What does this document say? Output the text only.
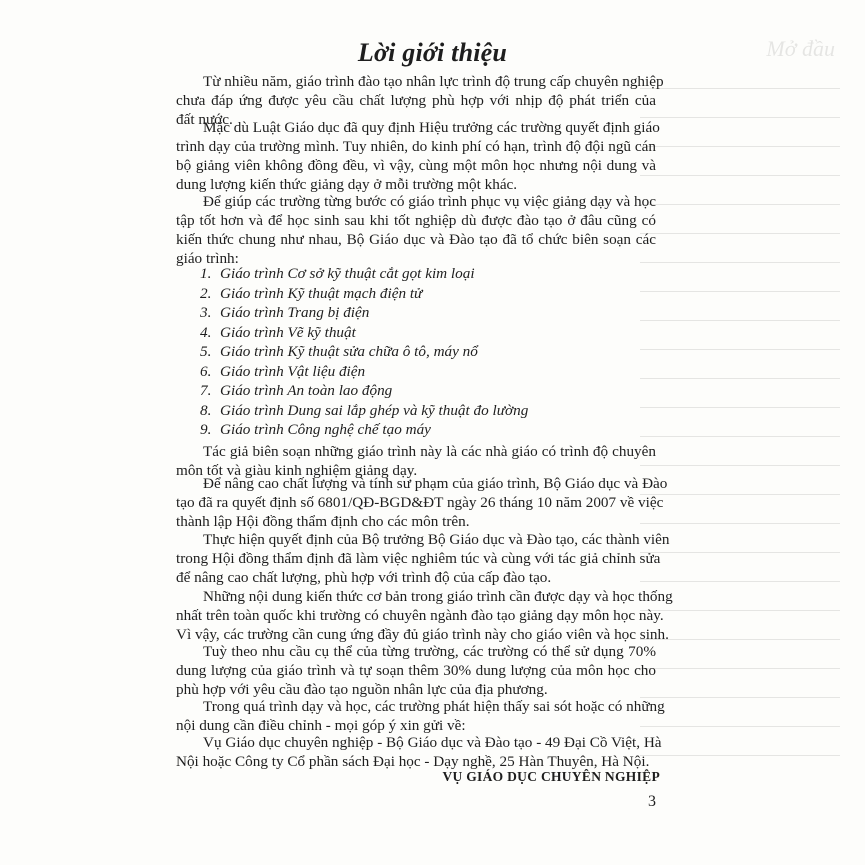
Mở đầu
Lời giới thiệu
Từ nhiều năm, giáo trình đào tạo nhân lực trình độ trung cấp chuyên nghiệp
chưa đáp ứng được yêu cầu chất lượng phù hợp với nhịp độ phát triển của
đất nước.
Mặc dù Luật Giáo dục đã quy định Hiệu trưởng các trường quyết định giáo
trình dạy của trường mình. Tuy nhiên, do kinh phí có hạn, trình độ đội ngũ cán
bộ giảng viên không đồng đều, vì vậy, cùng một môn học nhưng nội dung và
dung lượng kiến thức giảng dạy ở mỗi trường một khác.
Để giúp các trường từng bước có giáo trình phục vụ việc giảng dạy và học
tập tốt hơn và để học sinh sau khi tốt nghiệp dù được đào tạo ở đâu cũng có
kiến thức chung như nhau, Bộ Giáo dục và Đào tạo đã tổ chức biên soạn các
giáo trình:
1. Giáo trình Cơ sở kỹ thuật cắt gọt kim loại
2. Giáo trình Kỹ thuật mạch điện tử
3. Giáo trình Trang bị điện
4. Giáo trình Vẽ kỹ thuật
5. Giáo trình Kỹ thuật sửa chữa ô tô, máy nổ
6. Giáo trình Vật liệu điện
7. Giáo trình An toàn lao động
8. Giáo trình Dung sai lắp ghép và kỹ thuật đo lường
9. Giáo trình Công nghệ chế tạo máy
Tác giả biên soạn những giáo trình này là các nhà giáo có trình độ chuyên
môn tốt và giàu kinh nghiệm giảng dạy.
Để nâng cao chất lượng và tính sư phạm của giáo trình, Bộ Giáo dục và Đào
tạo đã ra quyết định số 6801/QĐ-BGD&ĐT ngày 26 tháng 10 năm 2007 về việc
thành lập Hội đồng thẩm định cho các môn trên.
Thực hiện quyết định của Bộ trưởng Bộ Giáo dục và Đào tạo, các thành viên
trong Hội đồng thẩm định đã làm việc nghiêm túc và cùng với tác giả chỉnh sửa
để nâng cao chất lượng, phù hợp với trình độ của cấp đào tạo.
Những nội dung kiến thức cơ bản trong giáo trình cần được dạy và học thống
nhất trên toàn quốc khi trường có chuyên ngành đào tạo giảng dạy môn học này.
Vì vậy, các trường cần cung ứng đầy đủ giáo trình này cho giáo viên và học sinh.
Tuỳ theo nhu cầu cụ thể của từng trường, các trường có thể sử dụng 70%
dung lượng của giáo trình và tự soạn thêm 30% dung lượng của môn học cho
phù hợp với yêu cầu đào tạo nguồn nhân lực của địa phương.
Trong quá trình dạy và học, các trường phát hiện thấy sai sót hoặc có những
nội dung cần điều chỉnh - mọi góp ý xin gửi về:
Vụ Giáo dục chuyên nghiệp - Bộ Giáo dục và Đào tạo - 49 Đại Cồ Việt, Hà
Nội hoặc Công ty Cổ phần sách Đại học - Dạy nghề, 25 Hàn Thuyên, Hà Nội.
VỤ GIÁO DỤC CHUYÊN NGHIỆP
3
